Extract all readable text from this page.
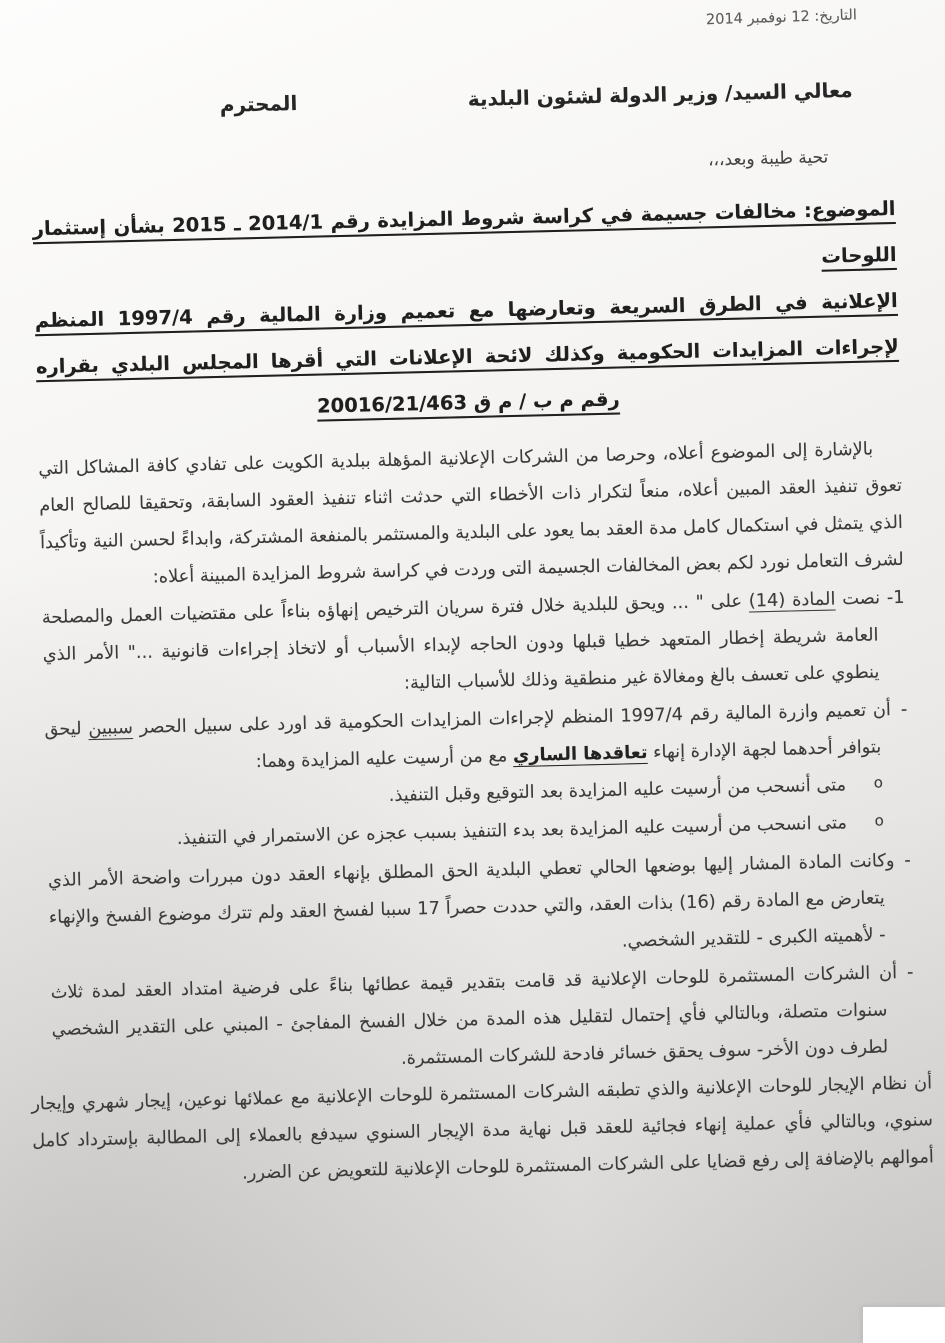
التاريخ: 12 نوفمبر 2014
معالي السيد/ وزير الدولة لشئون البلدية
المحترم
تحية طيبة وبعد،،،
الموضوع: مخالفات جسيمة في كراسة شروط المزايدة رقم 2014/1 ـ 2015 بشأن إستثمار اللوحات
الإعلانية في الطرق السريعة وتعارضها مع تعميم وزارة المالية رقم 1997/4 المنظم
لإجراءات المزايدات الحكومية وكذلك لائحة الإعلانات التي أقرها المجلس البلدي بقراره
رقم م ب / م ق 20016/21/463

بالإشارة إلى الموضوع أعلاه، وحرصا من الشركات الإعلانية المؤهلة ببلدية الكويت على تفادي كافة المشاكل التي تعوق تنفيذ العقد المبين أعلاه، منعاً لتكرار ذات الأخطاء التي حدثت اثناء تنفيذ العقود السابقة، وتحقيقا للصالح العام الذي يتمثل في استكمال كامل مدة العقد بما يعود على البلدية والمستثمر بالمنفعة المشتركة، وابداءً لحسن النية وتأكيداً لشرف التعامل نورد لكم بعض المخالفات الجسيمة التى وردت في كراسة شروط المزايدة المبينة أعلاه:

1- نصت المادة (14) على " ... ويحق للبلدية خلال فترة سريان الترخيص إنهاؤه بناءاً على مقتضيات العمل والمصلحة العامة شريطة إخطار المتعهد خطيا قبلها ودون الحاجه لإبداء الأسباب أو لاتخاذ إجراءات قانونية ..." الأمر الذي ينطوي على تعسف بالغ ومغالاة غير منطقية وذلك للأسباب التالية:
-أن تعميم وازرة المالية رقم 1997/4 المنظم لإجراءات المزايدات الحكومية قد اورد على سبيل الحصر سببين ليحق بتوافر أحدهما لجهة الإدارة إنهاء تعاقدها الساري مع من أرسيت عليه المزايدة وهما:
oمتى أنسحب من أرسيت عليه المزايدة بعد التوقيع وقبل التنفيذ.
oمتى انسحب من أرسيت عليه المزايدة بعد بدء التنفيذ بسبب عجزه عن الاستمرار في التنفيذ.
-وكانت المادة المشار إليها بوضعها الحالي تعطي البلدية الحق المطلق بإنهاء العقد دون مبررات واضحة الأمر الذي يتعارض مع المادة رقم (16) بذات العقد، والتي حددت حصراً 17 سببا لفسخ العقد ولم تترك موضوع الفسخ والإنهاء - لأهميته الكبرى - للتقدير الشخصي.
-أن الشركات المستثمرة للوحات الإعلانية قد قامت بتقدير قيمة عطائها بناءً على فرضية امتداد العقد لمدة ثلاث سنوات متصلة، وبالتالي فأي إحتمال لتقليل هذه المدة من خلال الفسخ المفاجئ - المبني على التقدير الشخصي لطرف دون الأخر- سوف يحقق خسائر فادحة للشركات المستثمرة.

أن نظام الإيجار للوحات الإعلانية والذي تطبقه الشركات المستثمرة للوحات الإعلانية مع عملائها نوعين، إيجار شهري وإيجار سنوي، وبالتالي فأي عملية إنهاء فجائية للعقد قبل نهاية مدة الإيجار السنوي سيدفع بالعملاء إلى المطالبة بإسترداد كامل أموالهم بالإضافة إلى رفع قضايا على الشركات المستثمرة للوحات الإعلانية للتعويض عن الضرر.
